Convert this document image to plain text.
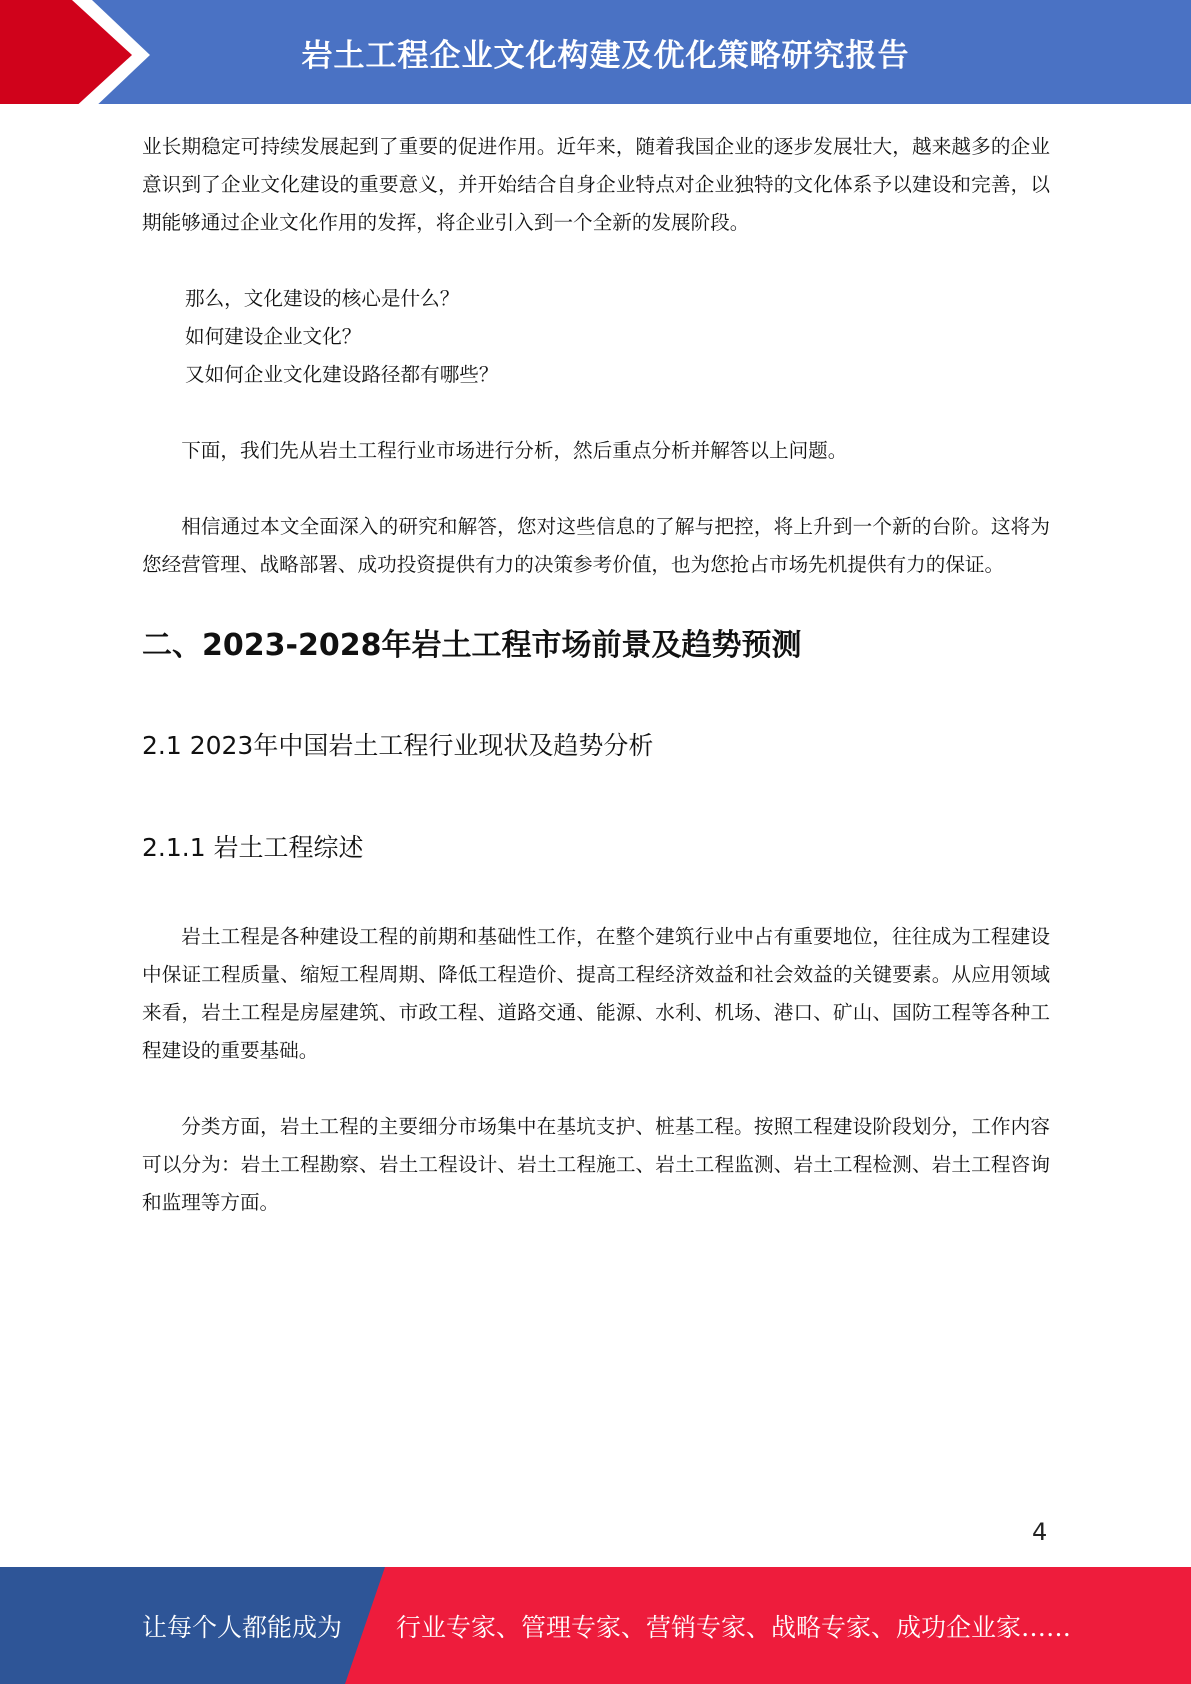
岩土工程企业文化构建及优化策略研究报告

业长期稳定可持续发展起到了重要的促进作用。近年来，随着我国企业的逐步发展壮大，越来越多的企业意识到了企业文化建设的重要意义，并开始结合自身企业特点对企业独特的文化体系予以建设和完善，以期能够通过企业文化作用的发挥，将企业引入到一个全新的发展阶段。

那么，文化建设的核心是什么？

如何建设企业文化？

又如何企业文化建设路径都有哪些？

下面，我们先从岩土工程行业市场进行分析，然后重点分析并解答以上问题。

相信通过本文全面深入的研究和解答，您对这些信息的了解与把控，将上升到一个新的台阶。这将为您经营管理、战略部署、成功投资提供有力的决策参考价值，也为您抢占市场先机提供有力的保证。

二、2023-2028年岩土工程市场前景及趋势预测
2.1 2023年中国岩土工程行业现状及趋势分析
2.1.1 岩土工程综述

岩土工程是各种建设工程的前期和基础性工作，在整个建筑行业中占有重要地位，往往成为工程建设中保证工程质量、缩短工程周期、降低工程造价、提高工程经济效益和社会效益的关键要素。从应用领域来看，岩土工程是房屋建筑、市政工程、道路交通、能源、水利、机场、港口、矿山、国防工程等各种工程建设的重要基础。

分类方面，岩土工程的主要细分市场集中在基坑支护、桩基工程。按照工程建设阶段划分，工作内容可以分为：岩土工程勘察、岩土工程设计、岩土工程施工、岩土工程监测、岩土工程检测、岩土工程咨询和监理等方面。

4
让每个人都能成为 行业专家、管理专家、营销专家、战略专家、成功企业家……
